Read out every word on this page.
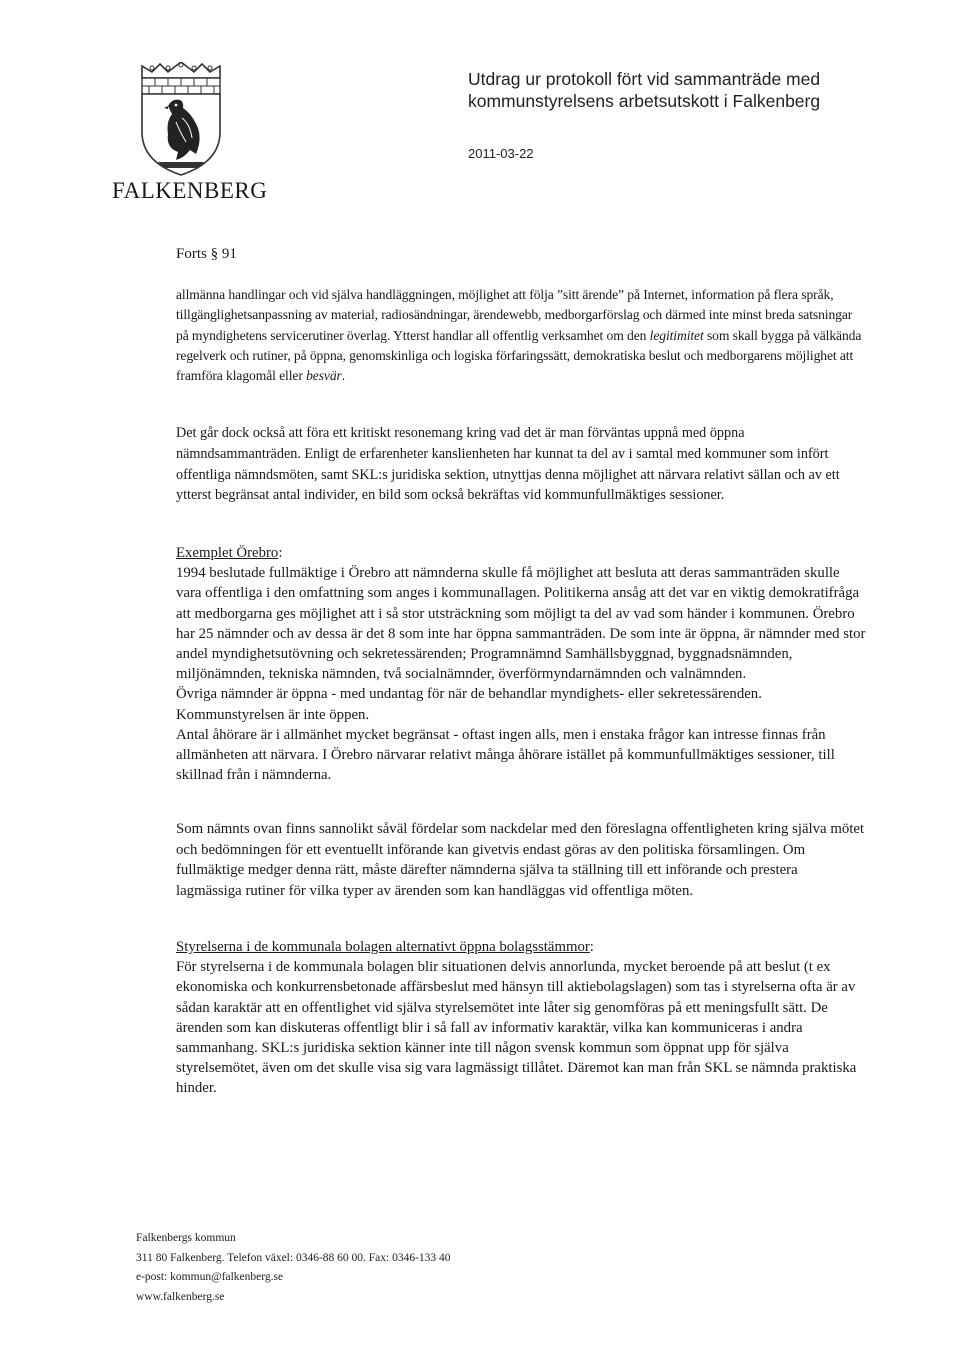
FALKENBERG
Utdrag ur protokoll fört vid sammanträde med
kommunstyrelsens arbetsutskott i Falkenberg
2011-03-22
Forts § 91

allmänna handlingar och vid själva handläggningen, möjlighet att följa ”sitt ärende” på Internet, information på flera språk, tillgänglighetsanpassning av material, radiosändningar, ärendewebb, medborgarförslag och därmed inte minst breda satsningar på myndighetens servicerutiner överlag. Ytterst handlar all offentlig verksamhet om den legitimitet som skall bygga på välkända regelverk och rutiner, på öppna, genomskinliga och logiska förfaringssätt, demokratiska beslut och medborgarens möjlighet att framföra klagomål eller besvär.

Det går dock också att föra ett kritiskt resonemang kring vad det är man förväntas uppnå med öppna nämndsammanträden. Enligt de erfarenheter kanslienheten har kunnat ta del av i samtal med kommuner som infört offentliga nämndsmöten, samt SKL:s juridiska sektion, utnyttjas denna möjlighet att närvara relativt sällan och av ett ytterst begränsat antal individer, en bild som också bekräftas vid kommunfullmäktiges sessioner.

Exemplet Örebro:

1994 beslutade fullmäktige i Örebro att nämnderna skulle få möjlighet att besluta att deras sammanträden skulle vara offentliga i den omfattning som anges i kommunallagen. Politikerna ansåg att det var en viktig demokratifråga att medborgarna ges möjlighet att i så stor utsträckning som möjligt ta del av vad som händer i kommunen. Örebro har 25 nämnder och av dessa är det 8 som inte har öppna sammanträden. De som inte är öppna, är nämnder med stor andel myndighetsutövning och sekretessärenden; Programnämnd Samhällsbyggnad, byggnadsnämnden, miljönämnden, tekniska nämnden, två socialnämnder, överförmyndarnämnden och valnämnden.

Övriga nämnder är öppna - med undantag för när de behandlar myndighets- eller sekretessärenden. Kommunstyrelsen är inte öppen.

Antal åhörare är i allmänhet mycket begränsat - oftast ingen alls, men i enstaka frågor kan intresse finnas från allmänheten att närvara. I Örebro närvarar relativt många åhörare istället på kommunfullmäktiges sessioner, till skillnad från i nämnderna.

Som nämnts ovan finns sannolikt såväl fördelar som nackdelar med den föreslagna offentligheten kring själva mötet och bedömningen för ett eventuellt införande kan givetvis endast göras av den politiska församlingen. Om fullmäktige medger denna rätt, måste därefter nämnderna själva ta ställning till ett införande och prestera lagmässiga rutiner för vilka typer av ärenden som kan handläggas vid offentliga möten.

Styrelserna i de kommunala bolagen alternativt öppna bolagsstämmor:

För styrelserna i de kommunala bolagen blir situationen delvis annorlunda, mycket beroende på att beslut (t ex ekonomiska och konkurrensbetonade affärsbeslut med hänsyn till aktiebolagslagen) som tas i styrelserna ofta är av sådan karaktär att en offentlighet vid själva styrelsemötet inte låter sig genomföras på ett meningsfullt sätt. De ärenden som kan diskuteras offentligt blir i så fall av informativ karaktär, vilka kan kommuniceras i andra sammanhang. SKL:s juridiska sektion känner inte till någon svensk kommun som öppnat upp för själva styrelsemötet, även om det skulle visa sig vara lagmässigt tillåtet. Däremot kan man från SKL se nämnda praktiska hinder.

Falkenbergs kommun
311 80 Falkenberg. Telefon växel: 0346-88 60 00. Fax: 0346-133 40
e-post: kommun@falkenberg.se
www.falkenberg.se
